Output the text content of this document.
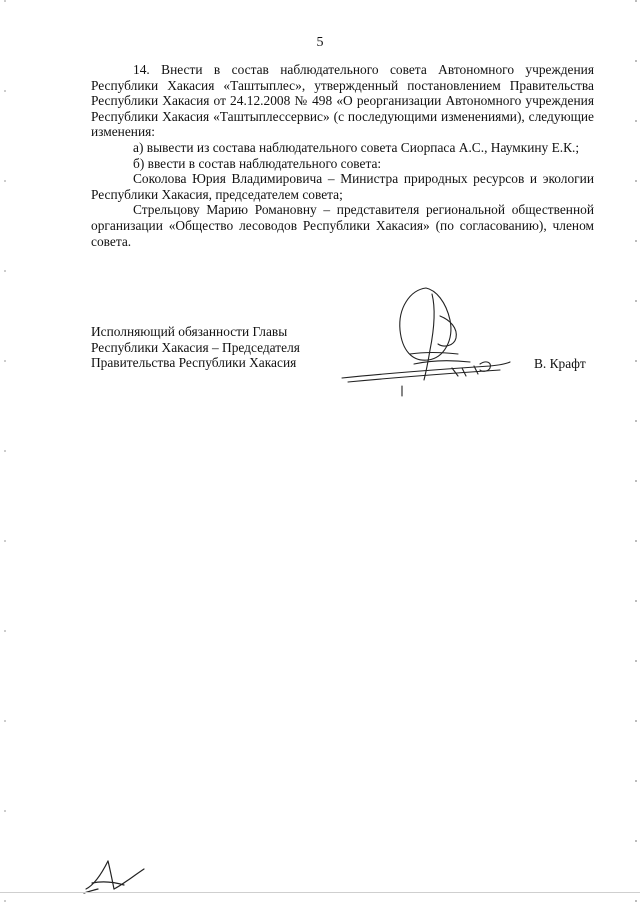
5

14. Внести в состав наблюдательного совета Автономного учреждения Республики Хакасия «Таштыплес», утвержденный постановлением Правительства Республики Хакасия от 24.12.2008 № 498 «О реорганизации Автономного учреждения Республики Хакасия «Таштыплессервис» (с последующими изменениями), следующие изменения:

а) вывести из состава наблюдательного совета Сиорпаса А.С., Наумкину Е.К.;

б) ввести в состав наблюдательного совета:

Соколова Юрия Владимировича – Министра природных ресурсов и экологии Республики Хакасия, председателем совета;

Стрельцову Марию Романовну – представителя региональной общественной организации «Общество лесоводов Республики Хакасия» (по согласованию), членом совета.

Исполняющий обязанности Главы
Республики Хакасия – Председателя
Правительства Республики Хакасия	В. Крафт
